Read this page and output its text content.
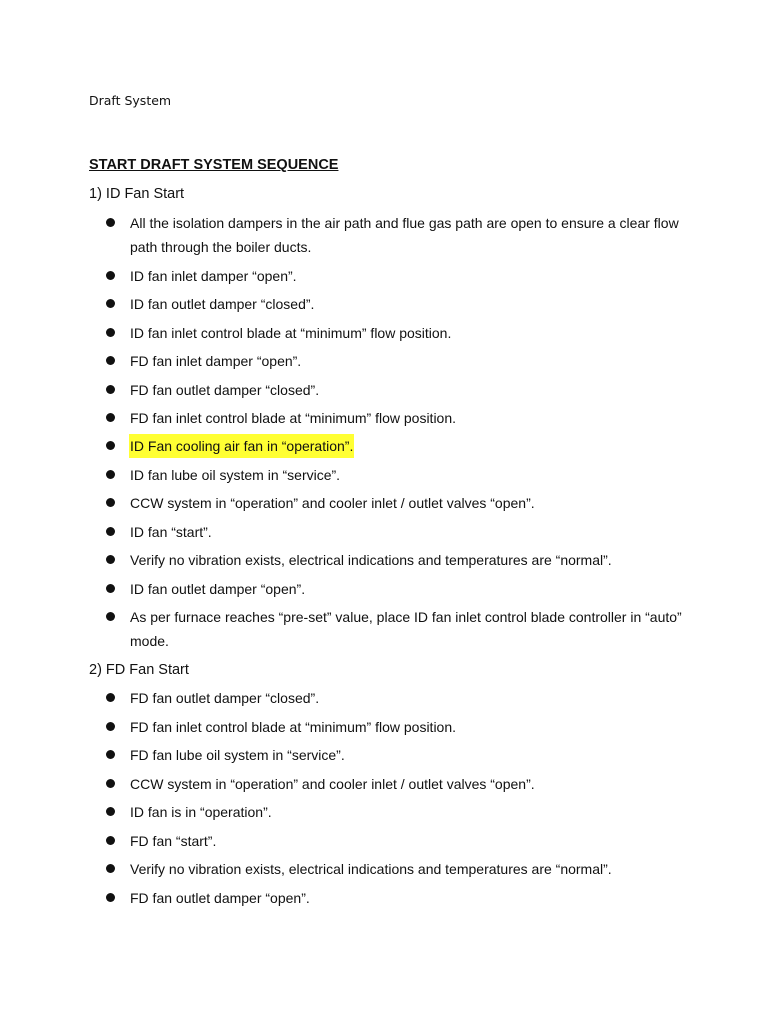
Draft System
START DRAFT SYSTEM SEQUENCE
1) ID Fan Start
All the isolation dampers in the air path and flue gas path are open to ensure a clear flow path through the boiler ducts.
ID fan inlet damper “open”.
ID fan outlet damper “closed”.
ID fan inlet control blade at “minimum” flow position.
FD fan inlet damper “open”.
FD fan outlet damper “closed”.
FD fan inlet control blade at “minimum” flow position.
ID Fan cooling air fan in “operation”.
ID fan lube oil system in “service”.
CCW system in “operation” and cooler inlet / outlet valves “open”.
ID fan “start”.
Verify no vibration exists, electrical indications and temperatures are “normal”.
ID fan outlet damper “open”.
As per furnace reaches “pre-set” value, place ID fan inlet control blade controller in “auto” mode.
2) FD Fan Start
FD fan outlet damper “closed”.
FD fan inlet control blade at “minimum” flow position.
FD fan lube oil system in “service”.
CCW system in “operation” and cooler inlet / outlet valves “open”.
ID fan is in “operation”.
FD fan “start”.
Verify no vibration exists, electrical indications and temperatures are “normal”.
FD fan outlet damper “open”.
